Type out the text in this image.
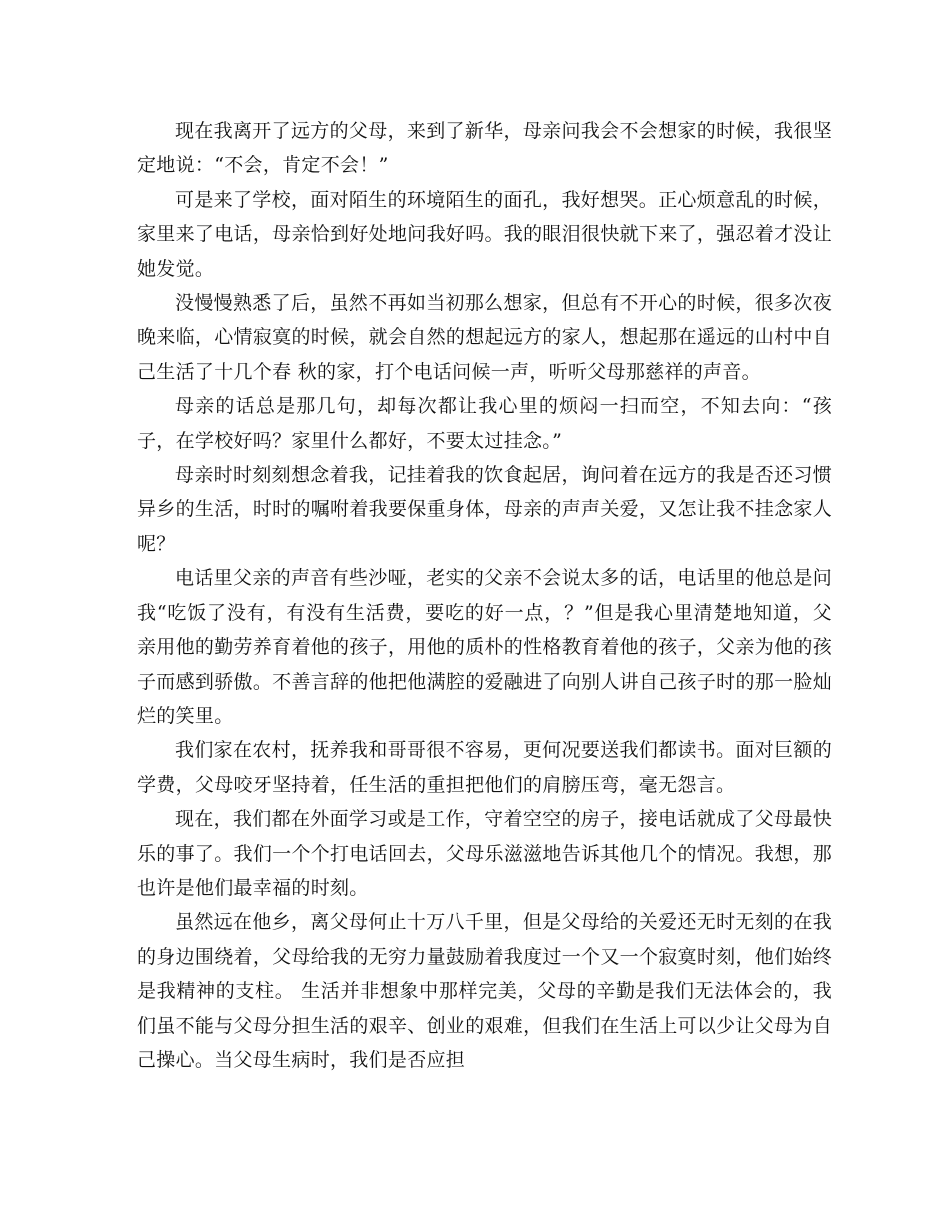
现在我离开了远方的父母，来到了新华，母亲问我会不会想家的时候，我很坚定地说：“不会，肯定不会！”

可是来了学校，面对陌生的环境陌生的面孔，我好想哭。正心烦意乱的时候，家里来了电话，母亲恰到好处地问我好吗。我的眼泪很快就下来了，强忍着才没让她发觉。

没慢慢熟悉了后，虽然不再如当初那么想家，但总有不开心的时候，很多次夜晚来临，心情寂寞的时候，就会自然的想起远方的家人，想起那在遥远的山村中自己生活了十几个春 秋的家，打个电话问候一声，听听父母那慈祥的声音。

母亲的话总是那几句，却每次都让我心里的烦闷一扫而空，不知去向：“孩子，在学校好吗？家里什么都好，不要太过挂念。”

母亲时时刻刻想念着我，记挂着我的饮食起居，询问着在远方的我是否还习惯异乡的生活，时时的嘱咐着我要保重身体，母亲的声声关爱，又怎让我不挂念家人呢？

电话里父亲的声音有些沙哑，老实的父亲不会说太多的话，电话里的他总是问我“吃饭了没有，有没有生活费，要吃的好一点，？”但是我心里清楚地知道，父亲用他的勤劳养育着他的孩子，用他的质朴的性格教育着他的孩子，父亲为他的孩子而感到骄傲。不善言辞的他把他满腔的爱融进了向别人讲自己孩子时的那一脸灿烂的笑里。

我们家在农村，抚养我和哥哥很不容易，更何况要送我们都读书。面对巨额的学费，父母咬牙坚持着，任生活的重担把他们的肩膀压弯，毫无怨言。

现在，我们都在外面学习或是工作，守着空空的房子，接电话就成了父母最快乐的事了。我们一个个打电话回去，父母乐滋滋地告诉其他几个的情况。我想，那也许是他们最幸福的时刻。

虽然远在他乡，离父母何止十万八千里，但是父母给的关爱还无时无刻的在我的身边围绕着，父母给我的无穷力量鼓励着我度过一个又一个寂寞时刻，他们始终是我精神的支柱。 生活并非想象中那样完美，父母的辛勤是我们无法体会的，我们虽不能与父母分担生活的艰辛、创业的艰难，但我们在生活上可以少让父母为自己操心。当父母生病时，我们是否应担
